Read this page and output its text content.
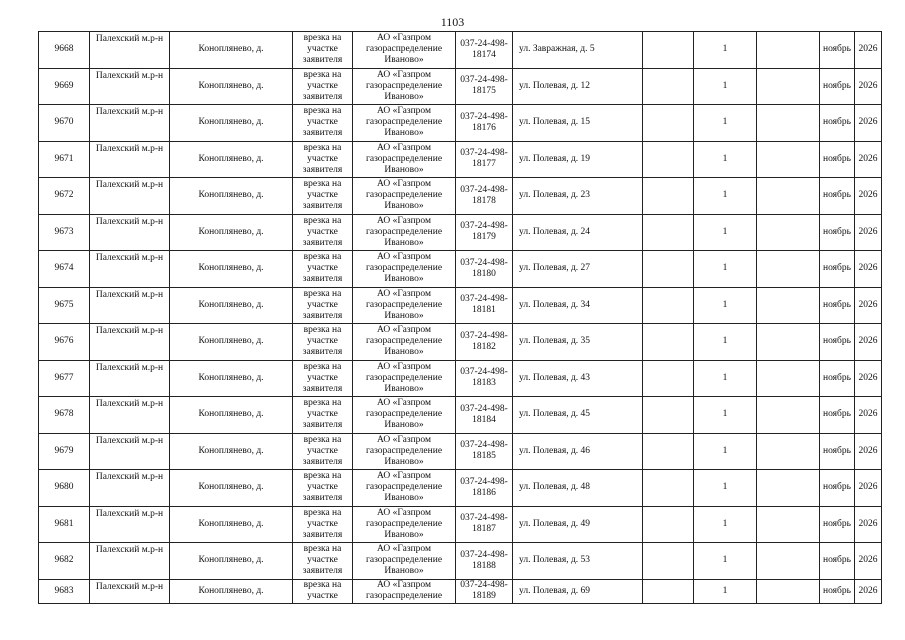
1103
9668	Палехский м.р-н	Коноплянево, д.	врезка на участке заявителя	АО «Газпром газораспределение Иваново»	037-24-498-18174	ул. Завражная, д. 5		1		ноябрь	2026
9669	Палехский м.р-н	Коноплянево, д.	врезка на участке заявителя	АО «Газпром газораспределение Иваново»	037-24-498-18175	ул. Полевая, д. 12		1		ноябрь	2026
9670	Палехский м.р-н	Коноплянево, д.	врезка на участке заявителя	АО «Газпром газораспределение Иваново»	037-24-498-18176	ул. Полевая, д. 15		1		ноябрь	2026
9671	Палехский м.р-н	Коноплянево, д.	врезка на участке заявителя	АО «Газпром газораспределение Иваново»	037-24-498-18177	ул. Полевая, д. 19		1		ноябрь	2026
9672	Палехский м.р-н	Коноплянево, д.	врезка на участке заявителя	АО «Газпром газораспределение Иваново»	037-24-498-18178	ул. Полевая, д. 23		1		ноябрь	2026
9673	Палехский м.р-н	Коноплянево, д.	врезка на участке заявителя	АО «Газпром газораспределение Иваново»	037-24-498-18179	ул. Полевая, д. 24		1		ноябрь	2026
9674	Палехский м.р-н	Коноплянево, д.	врезка на участке заявителя	АО «Газпром газораспределение Иваново»	037-24-498-18180	ул. Полевая, д. 27		1		ноябрь	2026
9675	Палехский м.р-н	Коноплянево, д.	врезка на участке заявителя	АО «Газпром газораспределение Иваново»	037-24-498-18181	ул. Полевая, д. 34		1		ноябрь	2026
9676	Палехский м.р-н	Коноплянево, д.	врезка на участке заявителя	АО «Газпром газораспределение Иваново»	037-24-498-18182	ул. Полевая, д. 35		1		ноябрь	2026
9677	Палехский м.р-н	Коноплянево, д.	врезка на участке заявителя	АО «Газпром газораспределение Иваново»	037-24-498-18183	ул. Полевая, д. 43		1		ноябрь	2026
9678	Палехский м.р-н	Коноплянево, д.	врезка на участке заявителя	АО «Газпром газораспределение Иваново»	037-24-498-18184	ул. Полевая, д. 45		1		ноябрь	2026
9679	Палехский м.р-н	Коноплянево, д.	врезка на участке заявителя	АО «Газпром газораспределение Иваново»	037-24-498-18185	ул. Полевая, д. 46		1		ноябрь	2026
9680	Палехский м.р-н	Коноплянево, д.	врезка на участке заявителя	АО «Газпром газораспределение Иваново»	037-24-498-18186	ул. Полевая, д. 48		1		ноябрь	2026
9681	Палехский м.р-н	Коноплянево, д.	врезка на участке заявителя	АО «Газпром газораспределение Иваново»	037-24-498-18187	ул. Полевая, д. 49		1		ноябрь	2026
9682	Палехский м.р-н	Коноплянево, д.	врезка на участке заявителя	АО «Газпром газораспределение Иваново»	037-24-498-18188	ул. Полевая, д. 53		1		ноябрь	2026
9683	Палехский м.р-н	Коноплянево, д.	врезка на участке	АО «Газпром газораспределение	037-24-498-18189	ул. Полевая, д. 69		1		ноябрь	2026
